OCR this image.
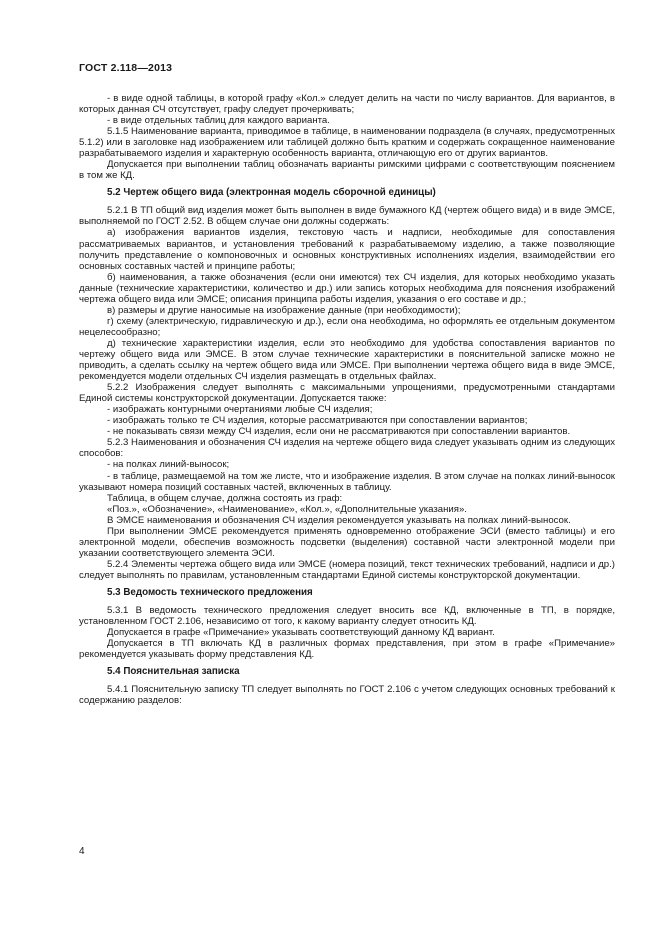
ГОСТ 2.118—2013

- в виде одной таблицы, в которой графу «Кол.» следует делить на части по числу вариантов. Для вариантов, в которых данная СЧ отсутствует, графу следует прочеркивать;

- в виде отдельных таблиц для каждого варианта.

5.1.5 Наименование варианта, приводимое в таблице, в наименовании подраздела (в случаях, предусмотренных 5.1.2) или в заголовке над изображением или таблицей должно быть кратким и содержать сокращенное наименование разрабатываемого изделия и характерную особенность варианта, отличающую его от других вариантов.

Допускается при выполнении таблиц обозначать варианты римскими цифрами с соответствующим пояснением в том же КД.

5.2 Чертеж общего вида (электронная модель сборочной единицы)

5.2.1 В ТП общий вид изделия может быть выполнен в виде бумажного КД (чертеж общего вида) и в виде ЭМСЕ, выполняемой по ГОСТ 2.52. В общем случае они должны содержать:

а) изображения вариантов изделия, текстовую часть и надписи, необходимые для сопоставления рассматриваемых вариантов, и установления требований к разрабатываемому изделию, а также позволяющие получить представление о компоновочных и основных конструктивных исполнениях изделия, взаимодействии его основных составных частей и принципе работы;

б) наименования, а также обозначения (если они имеются) тех СЧ изделия, для которых необходимо указать данные (технические характеристики, количество и др.) или запись которых необходима для пояснения изображений чертежа общего вида или ЭМСЕ; описания принципа работы изделия, указания о его составе и др.;

в) размеры и другие наносимые на изображение данные (при необходимости);

г) схему (электрическую, гидравлическую и др.), если она необходима, но оформлять ее отдельным документом нецелесообразно;

д) технические характеристики изделия, если это необходимо для удобства сопоставления вариантов по чертежу общего вида или ЭМСЕ. В этом случае технические характеристики в пояснительной записке можно не приводить, а сделать ссылку на чертеж общего вида или ЭМСЕ. При выполнении чертежа общего вида в виде ЭМСЕ, рекомендуется модели отдельных СЧ изделия размещать в отдельных файлах.

5.2.2 Изображения следует выполнять с максимальными упрощениями, предусмотренными стандартами Единой системы конструкторской документации. Допускается также:

- изображать контурными очертаниями любые СЧ изделия;

- изображать только те СЧ изделия, которые рассматриваются при сопоставлении вариантов;

- не показывать связи между СЧ изделия, если они не рассматриваются при сопоставлении вариантов.

5.2.3 Наименования и обозначения СЧ изделия на чертеже общего вида следует указывать одним из следующих способов:

- на полках линий-выносок;

- в таблице, размещаемой на том же листе, что и изображение изделия. В этом случае на полках линий-выносок указывают номера позиций составных частей, включенных в таблицу.

Таблица, в общем случае, должна состоять из граф:

«Поз.», «Обозначение», «Наименование», «Кол.», «Дополнительные указания».

В ЭМСЕ наименования и обозначения СЧ изделия рекомендуется указывать на полках линий-выносок.

При выполнении ЭМСЕ рекомендуется применять одновременно отображение ЭСИ (вместо таблицы) и его электронной модели, обеспечив возможность подсветки (выделения) составной части электронной модели при указании соответствующего элемента ЭСИ.

5.2.4 Элементы чертежа общего вида или ЭМСЕ (номера позиций, текст технических требований, надписи и др.) следует выполнять по правилам, установленным стандартами Единой системы конструкторской документации.

5.3 Ведомость технического предложения

5.3.1 В ведомость технического предложения следует вносить все КД, включенные в ТП, в порядке, установленном ГОСТ 2.106, независимо от того, к какому варианту следует относить КД.

Допускается в графе «Примечание» указывать соответствующий данному КД вариант.

Допускается в ТП включать КД в различных формах представления, при этом в графе «Примечание» рекомендуется указывать форму представления КД.

5.4 Пояснительная записка

5.4.1 Пояснительную записку ТП следует выполнять по ГОСТ 2.106 с учетом следующих основных требований к содержанию разделов:

4
